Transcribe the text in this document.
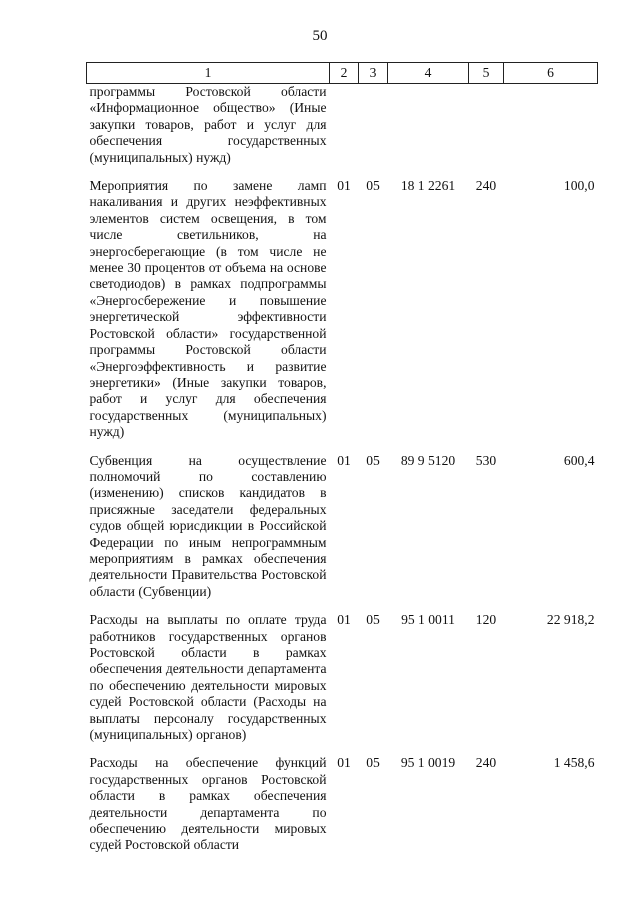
50
1	2	3	4	5	6
программы Ростовской области «Информационное общество» (Иные закупки товаров, работ и услуг для обеспечения государственных (муниципальных) нужд)					
Мероприятия по замене ламп накаливания и других неэффективных элементов систем освещения, в том числе светильников, на энергосберегающие (в том числе не менее 30 процентов от объема на основе светодиодов) в рамках подпрограммы «Энергосбережение и повышение энергетической эффективности Ростовской области» государственной программы Ростовской области «Энергоэффективность и развитие энергетики» (Иные закупки товаров, работ и услуг для обеспечения государственных (муниципальных) нужд)	01	05	18 1 2261	240	100,0
Субвенция на осуществление полномочий по составлению (изменению) списков кандидатов в присяжные заседатели федеральных судов общей юрисдикции в Российской Федерации по иным непрограммным мероприятиям в рамках обеспечения деятельности Правительства Ростовской области (Субвенции)	01	05	89 9 5120	530	600,4
Расходы на выплаты по оплате труда работников государственных органов Ростовской области в рамках обеспечения деятельности департамента по обеспечению деятельности мировых судей Ростовской области (Расходы на выплаты персоналу государственных (муниципальных) органов)	01	05	95 1 0011	120	22 918,2
Расходы на обеспечение функций государственных органов Ростовской области в рамках обеспечения деятельности департамента по обеспечению деятельности мировых судей Ростовской области	01	05	95 1 0019	240	1 458,6
